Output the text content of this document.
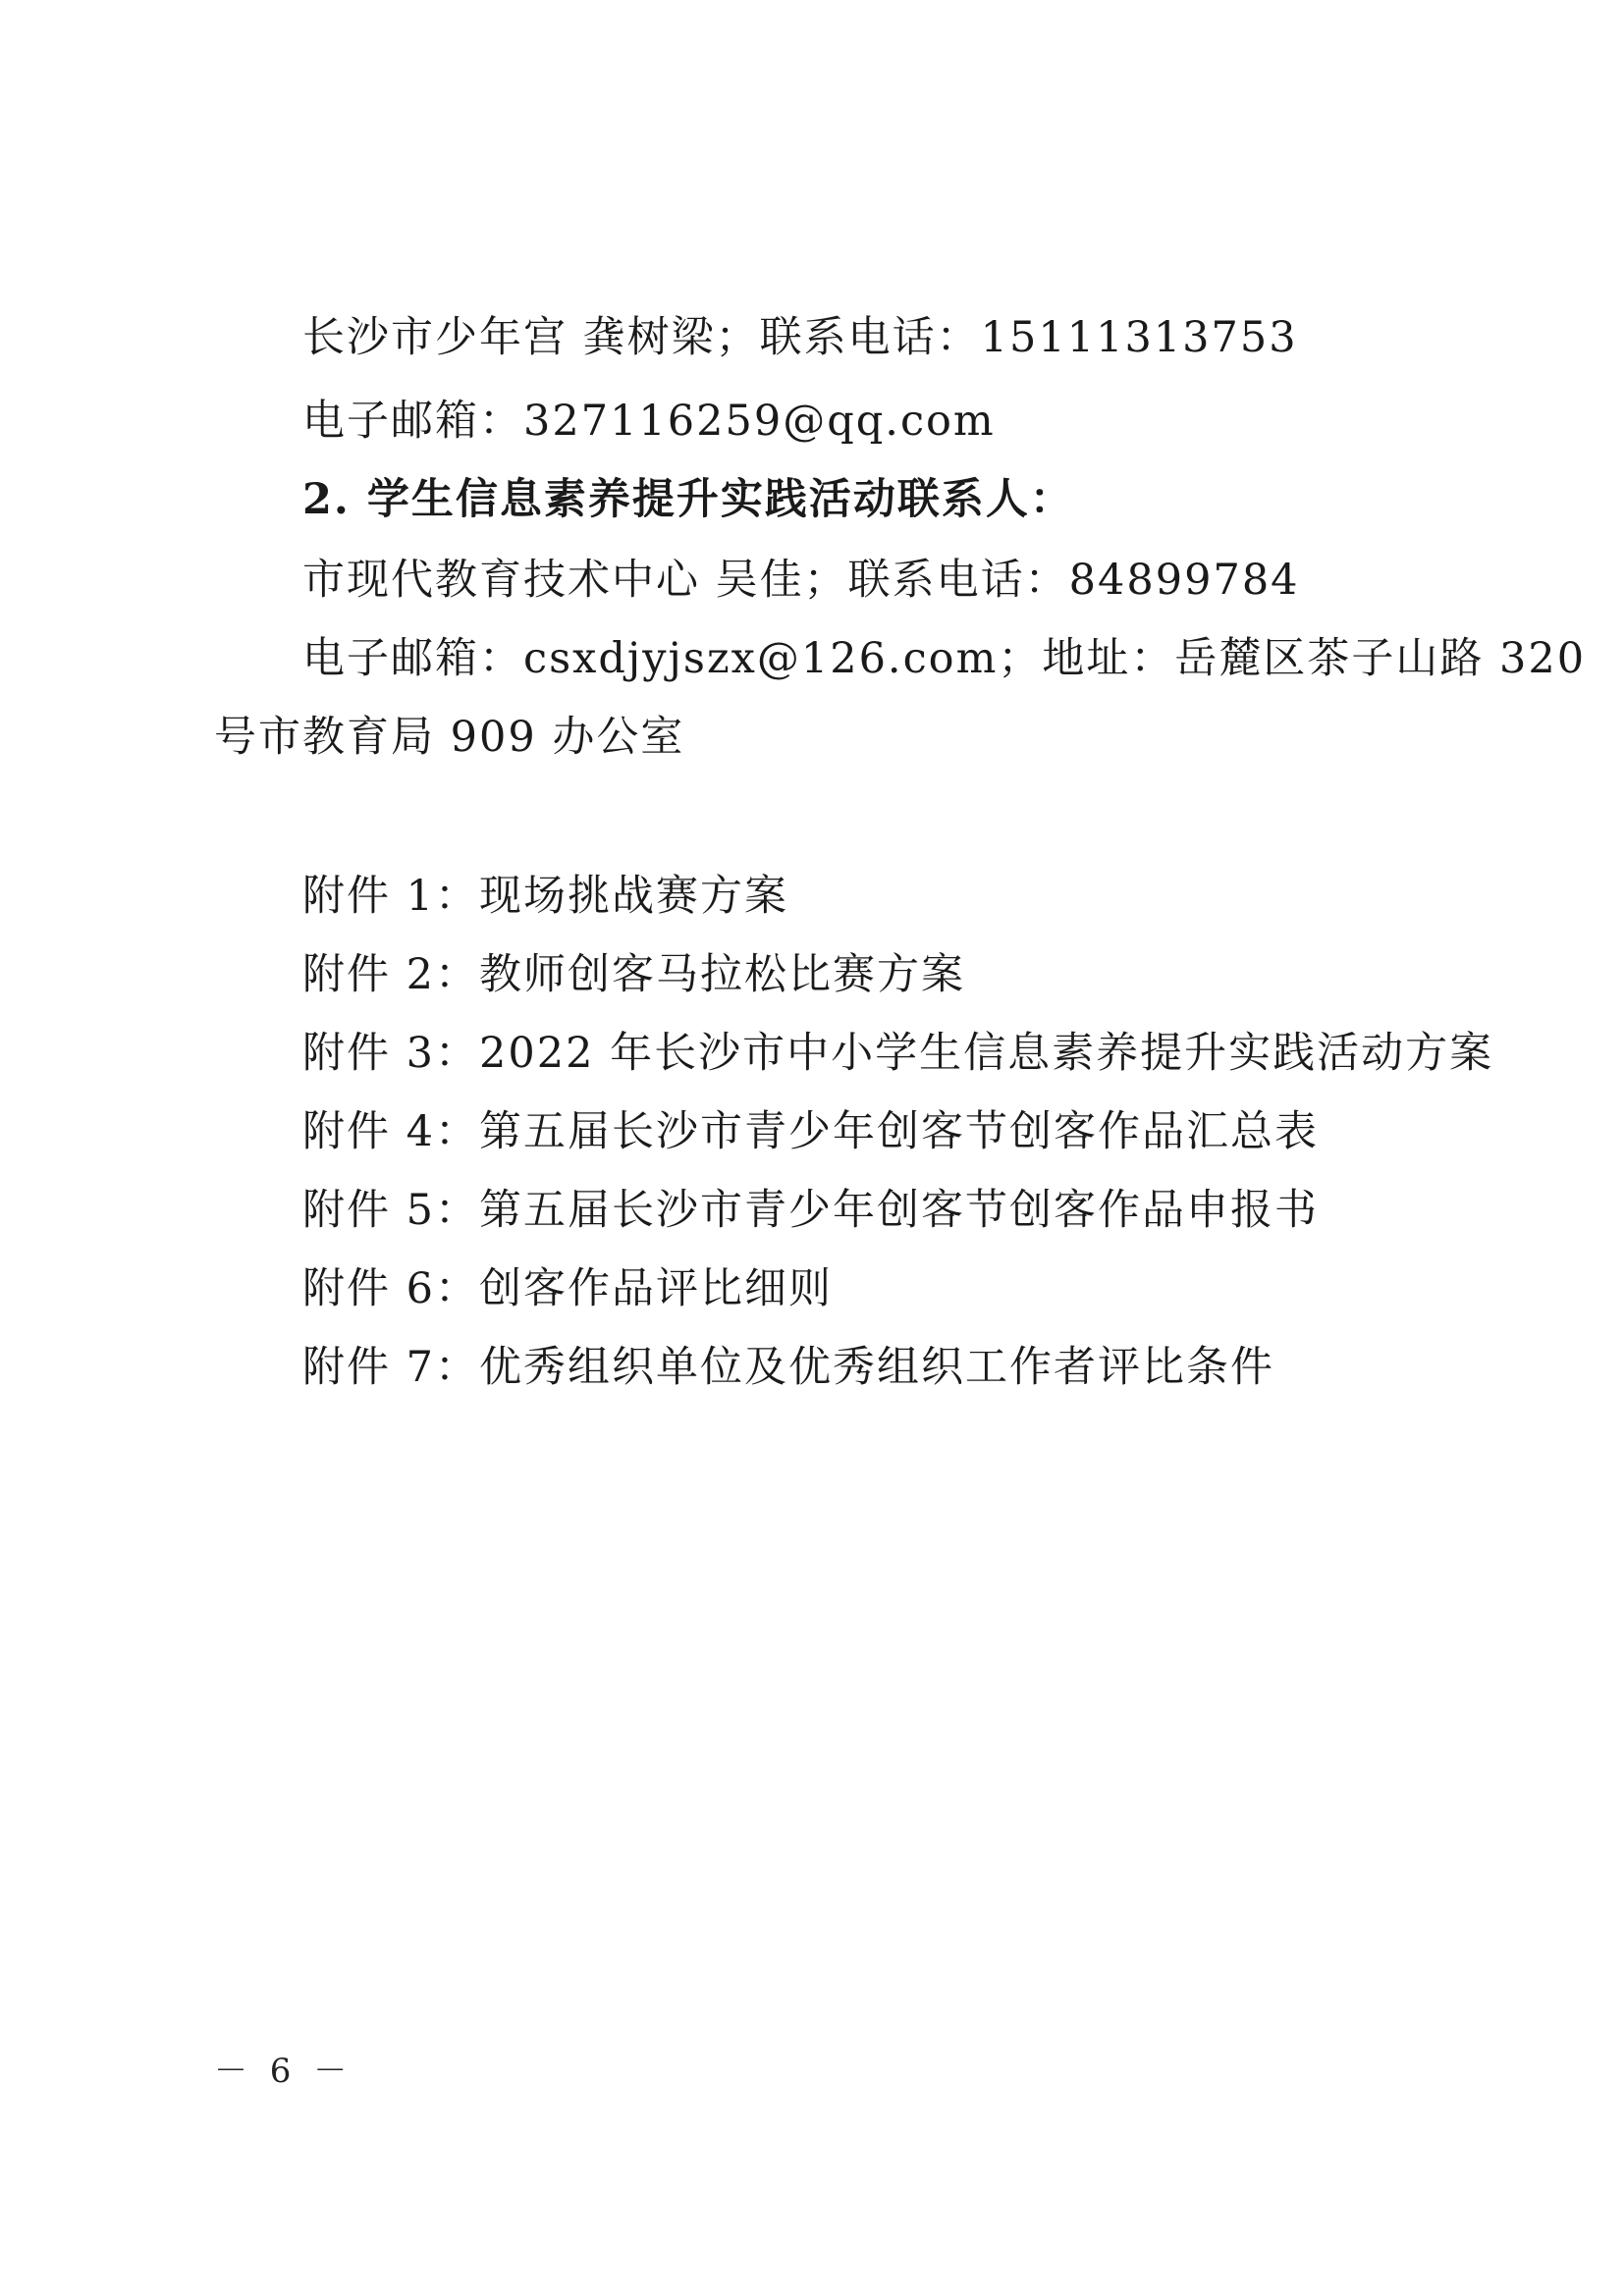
长沙市少年宫 龚树梁；联系电话：15111313753
电子邮箱：327116259@qq.com
2. 学生信息素养提升实践活动联系人：
市现代教育技术中心 吴佳；联系电话：84899784
电子邮箱：csxdjyjszx@126.com；地址：岳麓区茶子山路 320
号市教育局 909 办公室
附件 1：现场挑战赛方案
附件 2：教师创客马拉松比赛方案
附件 3：2022 年长沙市中小学生信息素养提升实践活动方案
附件 4：第五届长沙市青少年创客节创客作品汇总表
附件 5：第五届长沙市青少年创客节创客作品申报书
附件 6：创客作品评比细则
附件 7：优秀组织单位及优秀组织工作者评比条件
－ 6 －
